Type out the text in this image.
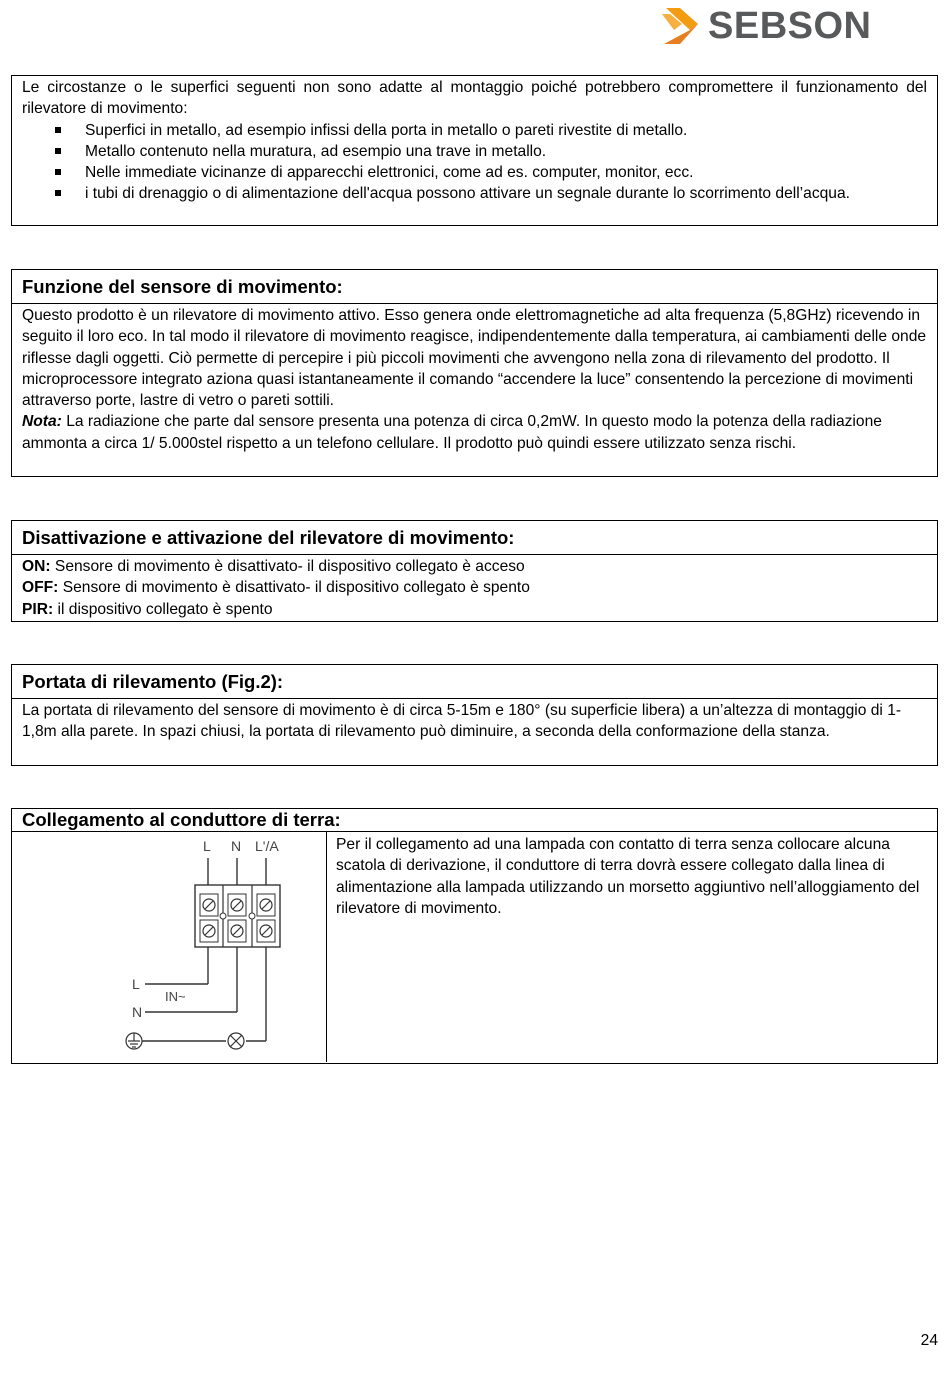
SEBSON

Le circostanze o le superfici seguenti non sono adatte al montaggio poiché potrebbero compromettere il funzionamento del rilevatore di movimento:

Superfici in metallo, ad esempio infissi della porta in metallo o pareti rivestite di metallo.
Metallo contenuto nella muratura, ad esempio una trave in metallo.
Nelle immediate vicinanze di apparecchi elettronici, come ad es. computer, monitor, ecc.
i tubi di drenaggio o di alimentazione dell'acqua possono attivare un segnale durante lo scorrimento dell’acqua.
Funzione del sensore di movimento:

Questo prodotto è un rilevatore di movimento attivo. Esso genera onde elettromagnetiche ad alta frequenza (5,8GHz) ricevendo in seguito il loro eco. In tal modo il rilevatore di movimento reagisce, indipendentemente dalla temperatura, ai cambiamenti delle onde riflesse dagli oggetti. Ciò permette di percepire i più piccoli movimenti che avvengono nella zona di rilevamento del prodotto. Il microprocessore integrato aziona quasi istantaneamente il comando “accendere la luce” consentendo la percezione di movimenti attraverso porte, lastre di vetro o pareti sottili.

Nota: La radiazione che parte dal sensore presenta una potenza di circa 0,2mW. In questo modo la potenza della radiazione ammonta a circa 1/ 5.000stel rispetto a un telefono cellulare. Il prodotto può quindi essere utilizzato senza rischi.

Disattivazione e attivazione del rilevatore di movimento:

ON: Sensore di movimento è disattivato- il dispositivo collegato è acceso

OFF: Sensore di movimento è disattivato- il dispositivo collegato è spento

PIR: il dispositivo collegato è spento

Portata di rilevamento (Fig.2):

La portata di rilevamento del sensore di movimento è di circa 5-15m e 180° (su superficie libera) a un’altezza di montaggio di 1-1,8m alla parete. In spazi chiusi, la portata di rilevamento può diminuire, a seconda della conformazione della stanza.

Collegamento al conduttore di terra:
L N L'/A
L
N
IN~

Per il collegamento ad una lampada con contatto di terra senza collocare alcuna scatola di derivazione, il conduttore di terra dovrà essere collegato dalla linea di alimentazione alla lampada utilizzando un morsetto aggiuntivo nell’alloggiamento del rilevatore di movimento.

24
